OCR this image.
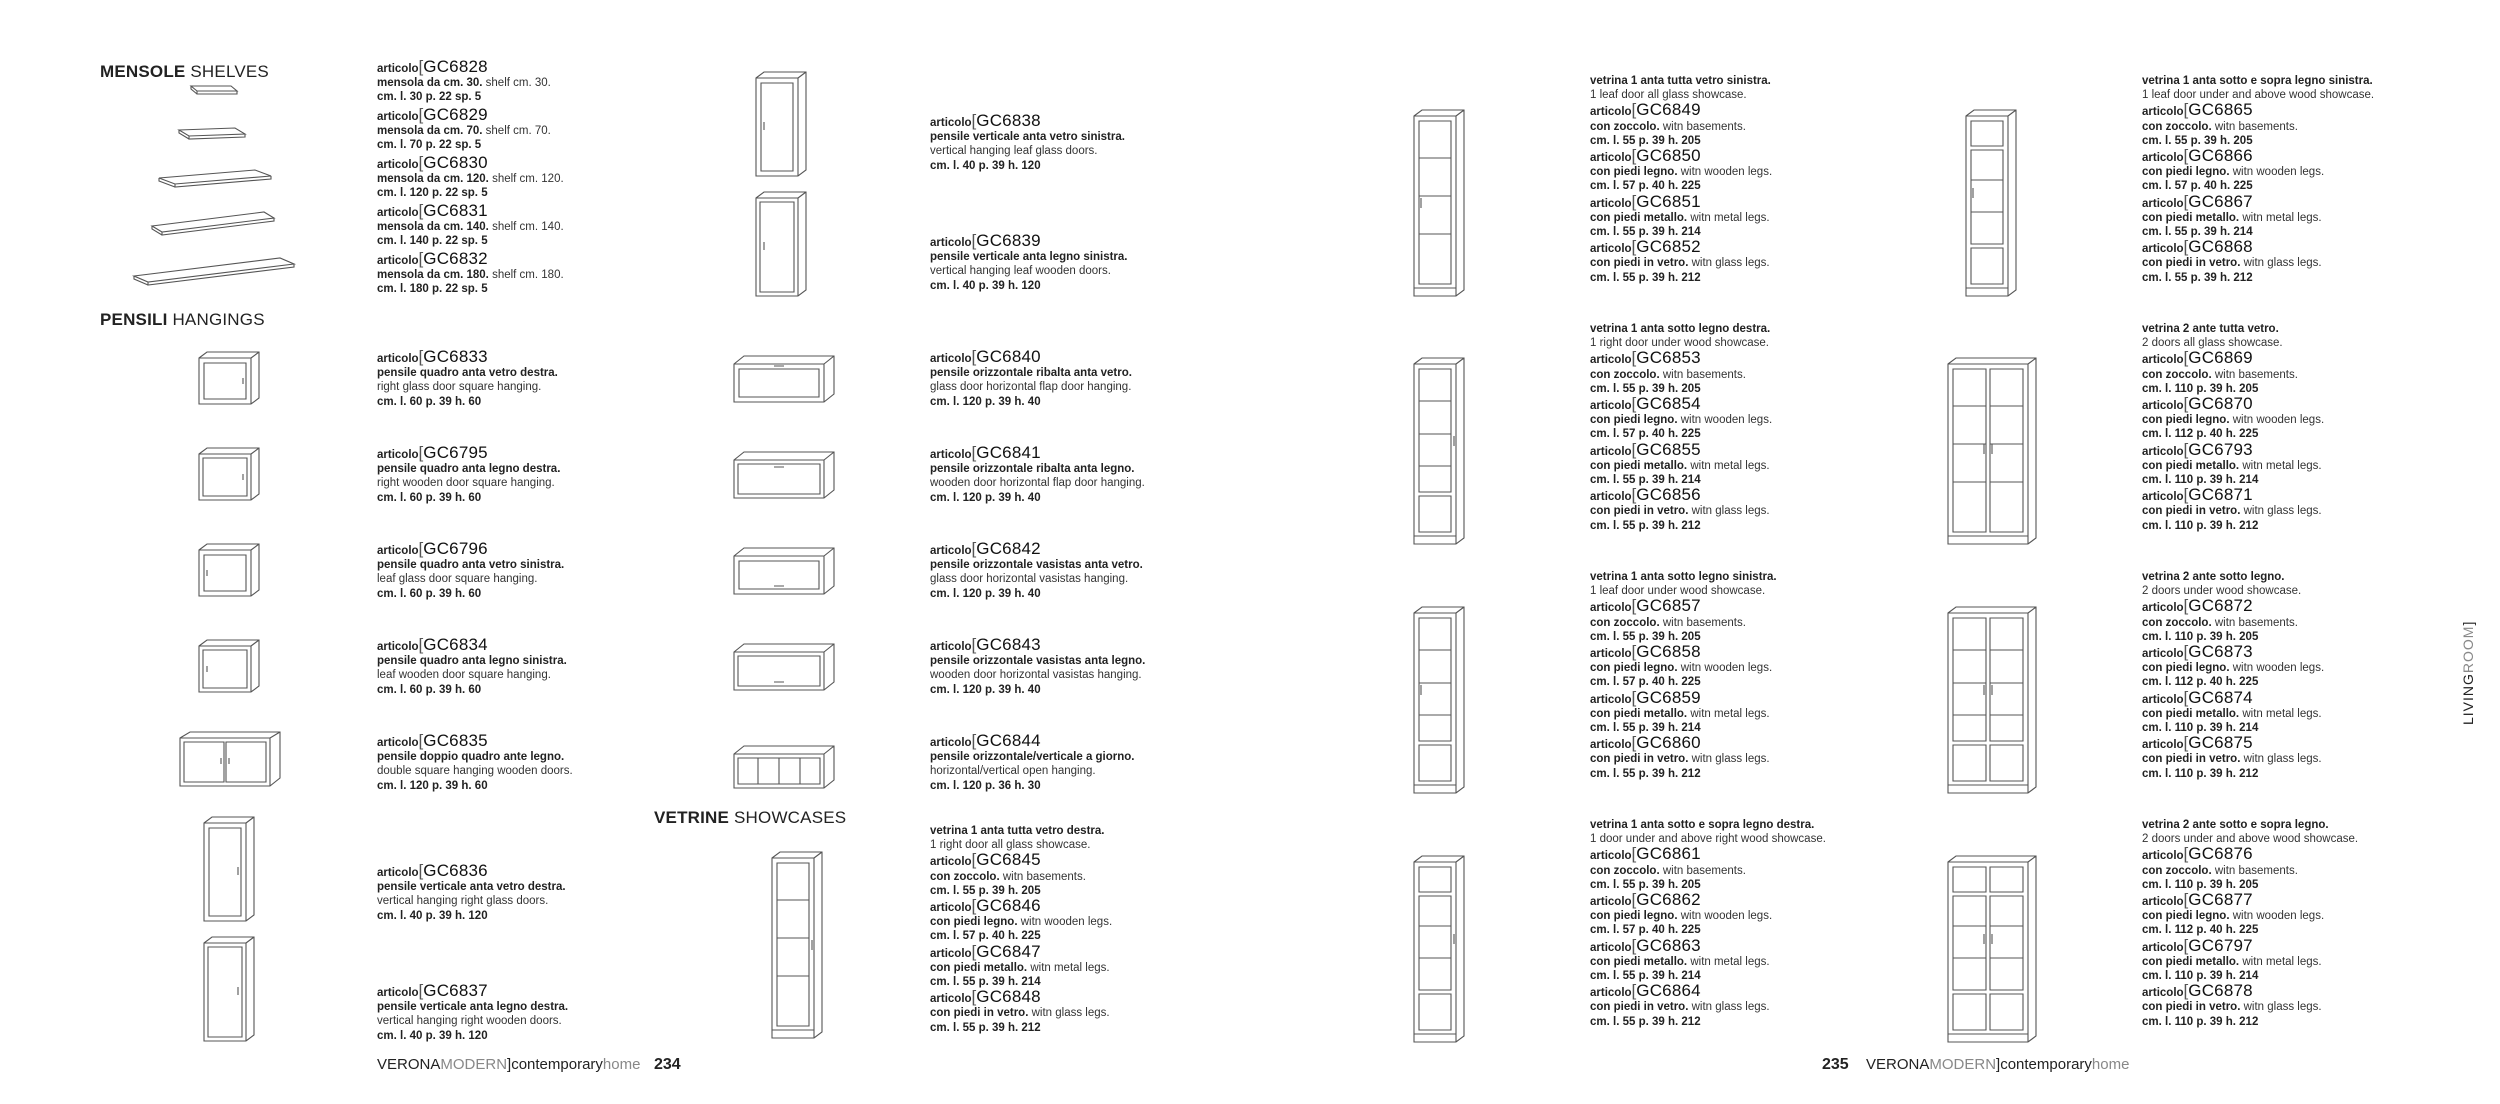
MENSOLE SHELVES
PENSILI HANGINGS
VETRINE SHOWCASES
articolo[GC6828
mensola da cm. 30. shelf cm. 30.
cm. l. 30 p. 22 sp. 5
articolo[GC6829
mensola da cm. 70. shelf cm. 70.
cm. l. 70 p. 22 sp. 5
articolo[GC6830
mensola da cm. 120. shelf cm. 120.
cm. l. 120 p. 22 sp. 5
articolo[GC6831
mensola da cm. 140. shelf cm. 140.
cm. l. 140 p. 22 sp. 5
articolo[GC6832
mensola da cm. 180. shelf cm. 180.
cm. l. 180 p. 22 sp. 5
articolo[GC6833
pensile quadro anta vetro destra.
right glass door square hanging.
cm. l. 60 p. 39 h. 60
articolo[GC6795
pensile quadro anta legno destra.
right wooden door square hanging.
cm. l. 60 p. 39 h. 60
articolo[GC6796
pensile quadro anta vetro sinistra.
leaf glass door square hanging.
cm. l. 60 p. 39 h. 60
articolo[GC6834
pensile quadro anta legno sinistra.
leaf wooden door square hanging.
cm. l. 60 p. 39 h. 60
articolo[GC6835
pensile doppio quadro ante legno.
double square hanging wooden doors.
cm. l. 120 p. 39 h. 60
articolo[GC6836
pensile verticale anta vetro destra.
vertical hanging right glass doors.
cm. l. 40 p. 39 h. 120
articolo[GC6837
pensile verticale anta legno destra.
vertical hanging right wooden doors.
cm. l. 40 p. 39 h. 120
articolo[GC6838
pensile verticale anta vetro sinistra.
vertical hanging leaf glass doors.
cm. l. 40 p. 39 h. 120
articolo[GC6839
pensile verticale anta legno sinistra.
vertical hanging leaf wooden doors.
cm. l. 40 p. 39 h. 120
articolo[GC6840
pensile orizzontale ribalta anta vetro.
glass door horizontal flap door hanging.
cm. l. 120 p. 39 h. 40
articolo[GC6841
pensile orizzontale ribalta anta legno.
wooden door horizontal flap door hanging.
cm. l. 120 p. 39 h. 40
articolo[GC6842
pensile orizzontale vasistas anta vetro.
glass door horizontal vasistas hanging.
cm. l. 120 p. 39 h. 40
articolo[GC6843
pensile orizzontale vasistas anta legno.
wooden door horizontal vasistas hanging.
cm. l. 120 p. 39 h. 40
articolo[GC6844
pensile orizzontale/verticale a giorno.
horizontal/vertical open hanging.
cm. l. 120 p. 36 h. 30
vetrina 1 anta tutta vetro destra.
1 right door all glass showcase.
articolo[GC6845
con zoccolo. witn basements.
cm. l. 55 p. 39 h. 205
articolo[GC6846
con piedi legno. witn wooden legs.
cm. l. 57 p. 40 h. 225
articolo[GC6847
con piedi metallo. witn metal legs.
cm. l. 55 p. 39 h. 214
articolo[GC6848
con piedi in vetro. witn glass legs.
cm. l. 55 p. 39 h. 212
vetrina 1 anta tutta vetro sinistra.
1 leaf door all glass showcase.
articolo[GC6849
con zoccolo. witn basements.
cm. l. 55 p. 39 h. 205
articolo[GC6850
con piedi legno. witn wooden legs.
cm. l. 57 p. 40 h. 225
articolo[GC6851
con piedi metallo. witn metal legs.
cm. l. 55 p. 39 h. 214
articolo[GC6852
con piedi in vetro. witn glass legs.
cm. l. 55 p. 39 h. 212
vetrina 1 anta sotto legno destra.
1 right door under wood showcase.
articolo[GC6853
con zoccolo. witn basements.
cm. l. 55 p. 39 h. 205
articolo[GC6854
con piedi legno. witn wooden legs.
cm. l. 57 p. 40 h. 225
articolo[GC6855
con piedi metallo. witn metal legs.
cm. l. 55 p. 39 h. 214
articolo[GC6856
con piedi in vetro. witn glass legs.
cm. l. 55 p. 39 h. 212
vetrina 1 anta sotto legno sinistra.
1 leaf door under wood showcase.
articolo[GC6857
con zoccolo. witn basements.
cm. l. 55 p. 39 h. 205
articolo[GC6858
con piedi legno. witn wooden legs.
cm. l. 57 p. 40 h. 225
articolo[GC6859
con piedi metallo. witn metal legs.
cm. l. 55 p. 39 h. 214
articolo[GC6860
con piedi in vetro. witn glass legs.
cm. l. 55 p. 39 h. 212
vetrina 1 anta sotto e sopra legno destra.
1 door under and above right wood showcase.
articolo[GC6861
con zoccolo. witn basements.
cm. l. 55 p. 39 h. 205
articolo[GC6862
con piedi legno. witn wooden legs.
cm. l. 57 p. 40 h. 225
articolo[GC6863
con piedi metallo. witn metal legs.
cm. l. 55 p. 39 h. 214
articolo[GC6864
con piedi in vetro. witn glass legs.
cm. l. 55 p. 39 h. 212
vetrina 1 anta sotto e sopra legno sinistra.
1 leaf door under and above wood showcase.
articolo[GC6865
con zoccolo. witn basements.
cm. l. 55 p. 39 h. 205
articolo[GC6866
con piedi legno. witn wooden legs.
cm. l. 57 p. 40 h. 225
articolo[GC6867
con piedi metallo. witn metal legs.
cm. l. 55 p. 39 h. 214
articolo[GC6868
con piedi in vetro. witn glass legs.
cm. l. 55 p. 39 h. 212
vetrina 2 ante tutta vetro.
2 doors all glass showcase.
articolo[GC6869
con zoccolo. witn basements.
cm. l. 110 p. 39 h. 205
articolo[GC6870
con piedi legno. witn wooden legs.
cm. l. 112 p. 40 h. 225
articolo[GC6793
con piedi metallo. witn metal legs.
cm. l. 110 p. 39 h. 214
articolo[GC6871
con piedi in vetro. witn glass legs.
cm. l. 110 p. 39 h. 212
vetrina 2 ante sotto legno.
2 doors under wood showcase.
articolo[GC6872
con zoccolo. witn basements.
cm. l. 110 p. 39 h. 205
articolo[GC6873
con piedi legno. witn wooden legs.
cm. l. 112 p. 40 h. 225
articolo[GC6874
con piedi metallo. witn metal legs.
cm. l. 110 p. 39 h. 214
articolo[GC6875
con piedi in vetro. witn glass legs.
cm. l. 110 p. 39 h. 212
vetrina 2 ante sotto e sopra legno.
2 doors under and above wood showcase.
articolo[GC6876
con zoccolo. witn basements.
cm. l. 110 p. 39 h. 205
articolo[GC6877
con piedi legno. witn wooden legs.
cm. l. 112 p. 40 h. 225
articolo[GC6797
con piedi metallo. witn metal legs.
cm. l. 110 p. 39 h. 214
articolo[GC6878
con piedi in vetro. witn glass legs.
cm. l. 110 p. 39 h. 212
VERONAMODERN]contemporaryhome 234	235 VERONAMODERN]contemporaryhome
LIVINGROOM]
